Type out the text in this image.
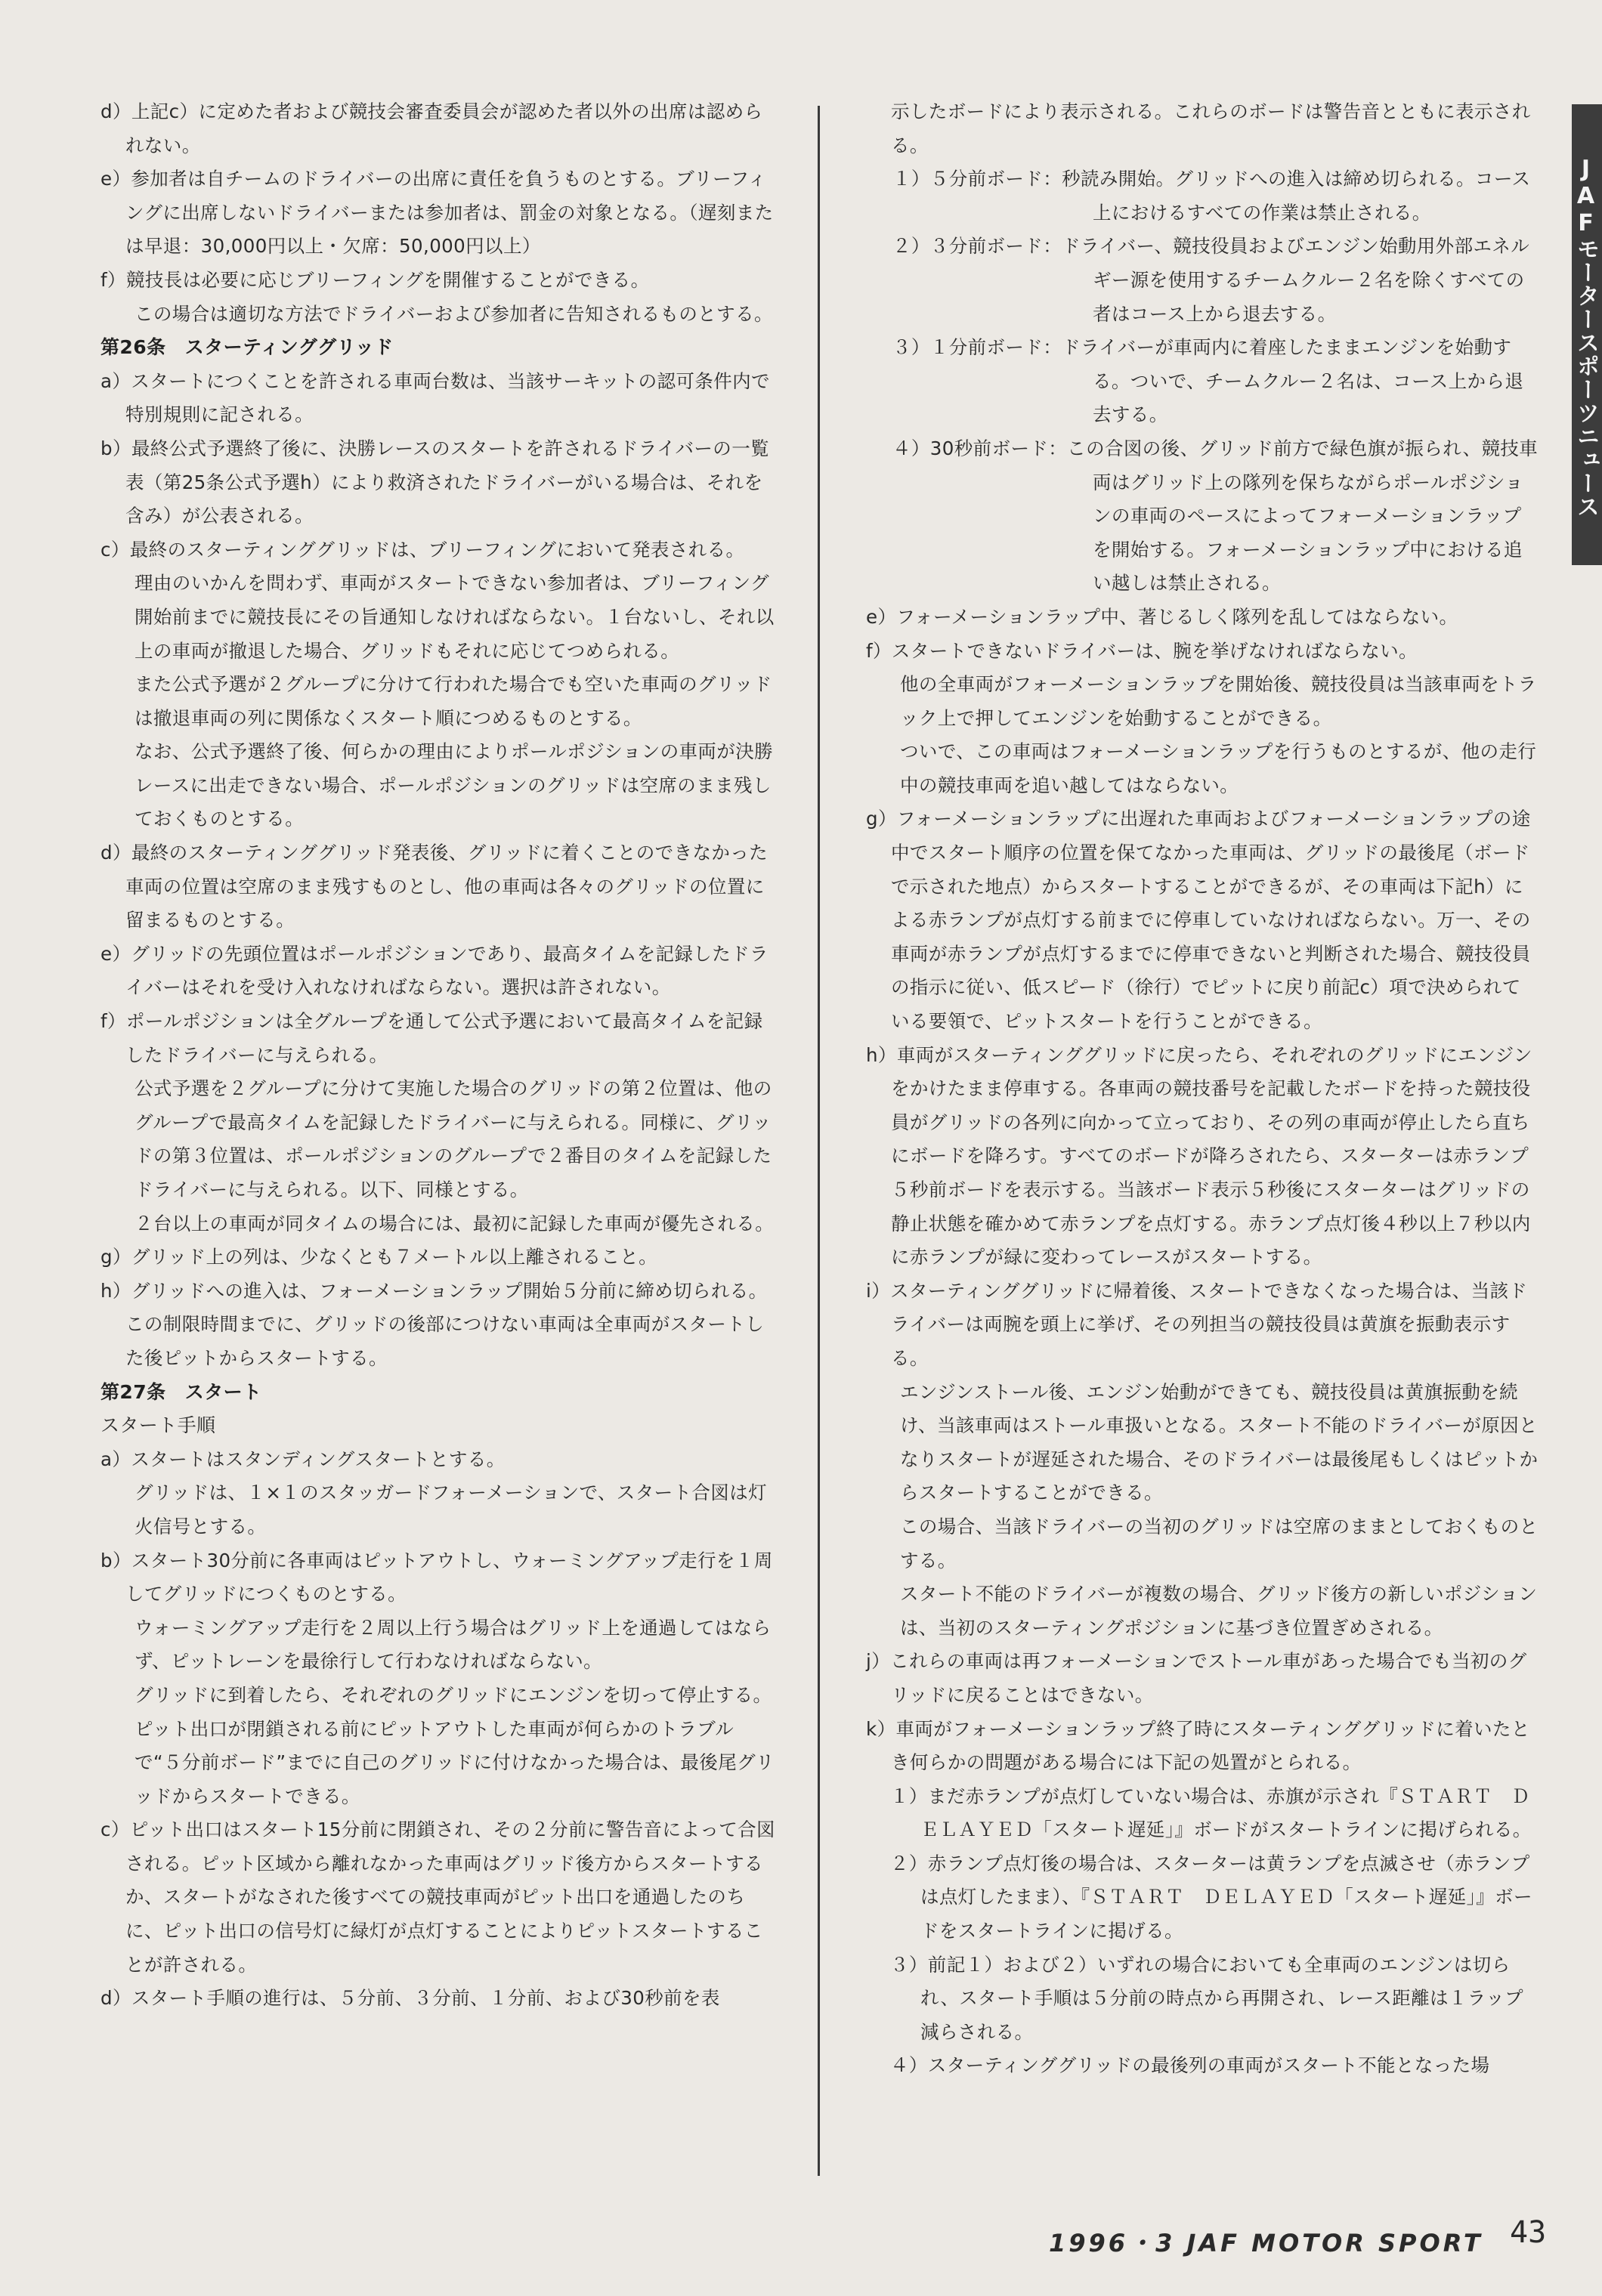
d）上記c）に定めた者および競技会審査委員会が認めた者以外の出席は認められない。

e）参加者は自チームのドライバーの出席に責任を負うものとする。ブリーフィングに出席しないドライバーまたは参加者は、罰金の対象となる。（遅刻または早退：30,000円以上・欠席：50,000円以上）

f）競技長は必要に応じブリーフィングを開催することができる。

この場合は適切な方法でドライバーおよび参加者に告知されるものとする。

第26条　スターティンググリッド

a）スタートにつくことを許される車両台数は、当該サーキットの認可条件内で特別規則に記される。

b）最終公式予選終了後に、決勝レースのスタートを許されるドライバーの一覧表（第25条公式予選h）により救済されたドライバーがいる場合は、それを含み）が公表される。

c）最終のスターティンググリッドは、ブリーフィングにおいて発表される。

理由のいかんを問わず、車両がスタートできない参加者は、ブリーフィング開始前までに競技長にその旨通知しなければならない。１台ないし、それ以上の車両が撤退した場合、グリッドもそれに応じてつめられる。

また公式予選が２グループに分けて行われた場合でも空いた車両のグリッドは撤退車両の列に関係なくスタート順につめるものとする。

なお、公式予選終了後、何らかの理由によりポールポジションの車両が決勝レースに出走できない場合、ポールポジションのグリッドは空席のまま残しておくものとする。

d）最終のスターティンググリッド発表後、グリッドに着くことのできなかった車両の位置は空席のまま残すものとし、他の車両は各々のグリッドの位置に留まるものとする。

e）グリッドの先頭位置はポールポジションであり、最高タイムを記録したドライバーはそれを受け入れなければならない。選択は許されない。

f）ポールポジションは全グループを通して公式予選において最高タイムを記録したドライバーに与えられる。

公式予選を２グループに分けて実施した場合のグリッドの第２位置は、他のグループで最高タイムを記録したドライバーに与えられる。同様に、グリッドの第３位置は、ポールポジションのグループで２番目のタイムを記録したドライバーに与えられる。以下、同様とする。

２台以上の車両が同タイムの場合には、最初に記録した車両が優先される。

g）グリッド上の列は、少なくとも７メートル以上離されること。

h）グリッドへの進入は、フォーメーションラップ開始５分前に締め切られる。この制限時間までに、グリッドの後部につけない車両は全車両がスタートした後ピットからスタートする。

第27条　スタート
スタート手順

a）スタートはスタンディングスタートとする。

グリッドは、１×１のスタッガードフォーメーションで、スタート合図は灯火信号とする。

b）スタート30分前に各車両はピットアウトし、ウォーミングアップ走行を１周してグリッドにつくものとする。

ウォーミングアップ走行を２周以上行う場合はグリッド上を通過してはならず、ピットレーンを最徐行して行わなければならない。

グリッドに到着したら、それぞれのグリッドにエンジンを切って停止する。

ピット出口が閉鎖される前にピットアウトした車両が何らかのトラブルで“５分前ボード”までに自己のグリッドに付けなかった場合は、最後尾グリッドからスタートできる。

c）ピット出口はスタート15分前に閉鎖され、その２分前に警告音によって合図される。ピット区域から離れなかった車両はグリッド後方からスタートするか、スタートがなされた後すべての競技車両がピット出口を通過したのちに、ピット出口の信号灯に緑灯が点灯することによりピットスタートすることが許される。

d）スタート手順の進行は、５分前、３分前、１分前、および30秒前を表

示したボードにより表示される。これらのボードは警告音とともに表示される。

１）５分前ボード：秒読み開始。グリッドへの進入は締め切られる。コース上におけるすべての作業は禁止される。

２）３分前ボード：ドライバー、競技役員およびエンジン始動用外部エネルギー源を使用するチームクルー２名を除くすべての者はコース上から退去する。

３）１分前ボード：ドライバーが車両内に着座したままエンジンを始動する。ついで、チームクルー２名は、コース上から退去する。

４）30秒前ボード：この合図の後、グリッド前方で緑色旗が振られ、競技車両はグリッド上の隊列を保ちながらポールポジションの車両のペースによってフォーメーションラップを開始する。フォーメーションラップ中における追い越しは禁止される。

e）フォーメーションラップ中、著じるしく隊列を乱してはならない。

f）スタートできないドライバーは、腕を挙げなければならない。

他の全車両がフォーメーションラップを開始後、競技役員は当該車両をトラック上で押してエンジンを始動することができる。

ついで、この車両はフォーメーションラップを行うものとするが、他の走行中の競技車両を追い越してはならない。

g）フォーメーションラップに出遅れた車両およびフォーメーションラップの途中でスタート順序の位置を保てなかった車両は、グリッドの最後尾（ボードで示された地点）からスタートすることができるが、その車両は下記h）による赤ランプが点灯する前までに停車していなければならない。万一、その車両が赤ランプが点灯するまでに停車できないと判断された場合、競技役員の指示に従い、低スピード（徐行）でピットに戻り前記c）項で決められている要領で、ピットスタートを行うことができる。

h）車両がスターティンググリッドに戻ったら、それぞれのグリッドにエンジンをかけたまま停車する。各車両の競技番号を記載したボードを持った競技役員がグリッドの各列に向かって立っており、その列の車両が停止したら直ちにボードを降ろす。すべてのボードが降ろされたら、スターターは赤ランプ５秒前ボードを表示する。当該ボード表示５秒後にスターターはグリッドの静止状態を確かめて赤ランプを点灯する。赤ランプ点灯後４秒以上７秒以内に赤ランプが緑に変わってレースがスタートする。

i）スターティンググリッドに帰着後、スタートできなくなった場合は、当該ドライバーは両腕を頭上に挙げ、その列担当の競技役員は黄旗を振動表示する。

エンジンストール後、エンジン始動ができても、競技役員は黄旗振動を続け、当該車両はストール車扱いとなる。スタート不能のドライバーが原因となりスタートが遅延された場合、そのドライバーは最後尾もしくはピットからスタートすることができる。

この場合、当該ドライバーの当初のグリッドは空席のままとしておくものとする。

スタート不能のドライバーが複数の場合、グリッド後方の新しいポジションは、当初のスターティングポジションに基づき位置ぎめされる。

j）これらの車両は再フォーメーションでストール車があった場合でも当初のグリッドに戻ることはできない。

k）車両がフォーメーションラップ終了時にスターティンググリッドに着いたとき何らかの問題がある場合には下記の処置がとられる。

１）まだ赤ランプが点灯していない場合は、赤旗が示され『ＳＴＡＲＴ　ＤＥＬＡＹＥＤ「スタート遅延」』ボードがスタートラインに掲げられる。

２）赤ランプ点灯後の場合は、スターターは黄ランプを点滅させ（赤ランプは点灯したまま）、『ＳＴＡＲＴ　ＤＥＬＡＹＥＤ「スタート遅延」』ボードをスタートラインに掲げる。

３）前記１）および２）いずれの場合においても全車両のエンジンは切られ、スタート手順は５分前の時点から再開され、レース距離は１ラップ減らされる。

４）スターティンググリッドの最後列の車両がスタート不能となった場

JAFモータースポーツニュース
1996・3 JAF MOTOR SPORT 43
